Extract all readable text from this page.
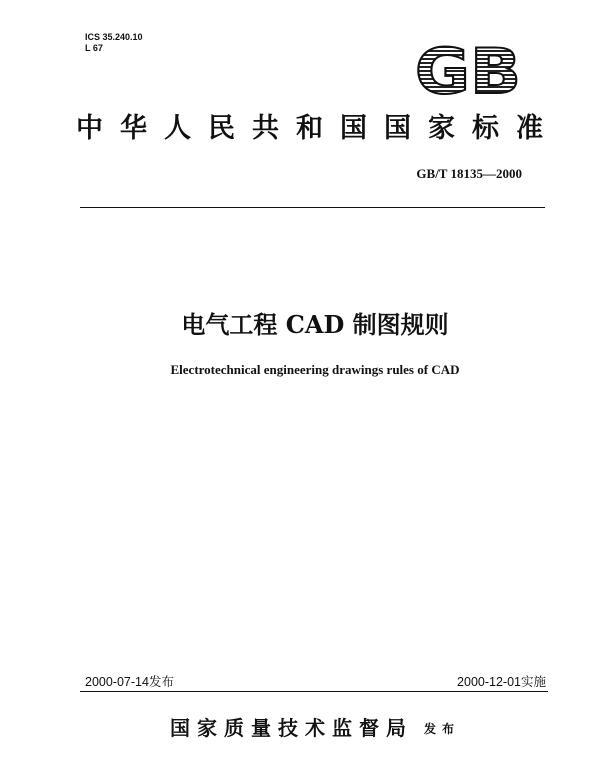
ICS 35.240.10
L 67	GB
中华人民共和国国家标准
GB/T 18135—2000
电气工程 CAD 制图规则
Electrotechnical engineering drawings rules of CAD
2000-07-14发布	2000-12-01实施
国家质量技术监督局 发布
